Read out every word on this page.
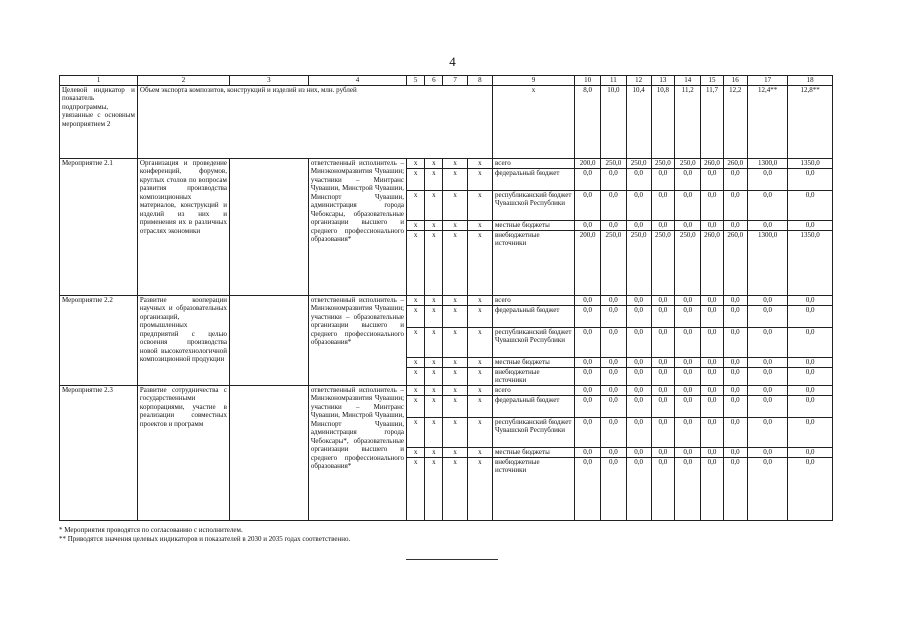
4
1	2	3	4	5	6	7	8	9	10	11	12	13	14	15	16	17	18
Целевой индикатор и показатель подпрограммы, увязанные с основным мероприятием 2	Объем экспорта композитов, конструкций и изделий из них, млн. рублей							x	8,0	10,0	10,4	10,8	11,2	11,7	12,2	12,4**	12,8**
Мероприятие 2.1	Организация и проведение конференций, форумов, круглых столов по вопросам развития производства композиционных материалов, конструкций и изделий из них и применения их в различных отраслях экономики		ответственный исполнитель – Минэкономразвития Чувашии; участники – Минтранс Чувашии, Минстрой Чувашии, Минспорт Чувашии, администрация города Чебоксары, образовательные организации высшего и среднего профессионального образования*	x	x	x	x	всего	200,0	250,0	250,0	250,0	250,0	260,0	260,0	1300,0	1350,0
				x	x	x	x	федеральный бюджет	0,0	0,0	0,0	0,0	0,0	0,0	0,0	0,0	0,0
				x	x	x	x	республиканский бюджет Чувашской Республики	0,0	0,0	0,0	0,0	0,0	0,0	0,0	0,0	0,0
				x	x	x	x	местные бюджеты	0,0	0,0	0,0	0,0	0,0	0,0	0,0	0,0	0,0
				x	x	x	x	внебюджетные источники	200,0	250,0	250,0	250,0	250,0	260,0	260,0	1300,0	1350,0
Мероприятие 2.2	Развитие кооперации научных и образовательных организаций, промышленных предприятий с целью освоения производства новой высокотехнологичной композиционной продукции		ответственный исполнитель – Минэкономразвития Чувашии; участники – образовательные организации высшего и среднего профессионального образования*	x	x	x	x	всего	0,0	0,0	0,0	0,0	0,0	0,0	0,0	0,0	0,0
				x	x	x	x	федеральный бюджет	0,0	0,0	0,0	0,0	0,0	0,0	0,0	0,0	0,0
				x	x	x	x	республиканский бюджет Чувашской Республики	0,0	0,0	0,0	0,0	0,0	0,0	0,0	0,0	0,0
				x	x	x	x	местные бюджеты	0,0	0,0	0,0	0,0	0,0	0,0	0,0	0,0	0,0
				x	x	x	x	внебюджетные источники	0,0	0,0	0,0	0,0	0,0	0,0	0,0	0,0	0,0
Мероприятие 2.3	Развитие сотрудничества с государственными корпорациями, участие в реализации совместных проектов и программ		ответственный исполнитель – Минэкономразвития Чувашии; участники – Минтранс Чувашии, Минстрой Чувашии, Минспорт Чувашии, администрация города Чебоксары*, образовательные организации высшего и среднего профессионального образования*	x	x	x	x	всего	0,0	0,0	0,0	0,0	0,0	0,0	0,0	0,0	0,0
				x	x	x	x	федеральный бюджет	0,0	0,0	0,0	0,0	0,0	0,0	0,0	0,0	0,0
				x	x	x	x	республиканский бюджет Чувашской Республики	0,0	0,0	0,0	0,0	0,0	0,0	0,0	0,0	0,0
				x	x	x	x	местные бюджеты	0,0	0,0	0,0	0,0	0,0	0,0	0,0	0,0	0,0
				x	x	x	x	внебюджетные источники	0,0	0,0	0,0	0,0	0,0	0,0	0,0	0,0	0,0
* Мероприятия проводятся по согласованию с исполнителем.
** Приводятся значения целевых индикаторов и показателей в 2030 и 2035 годах соответственно.
